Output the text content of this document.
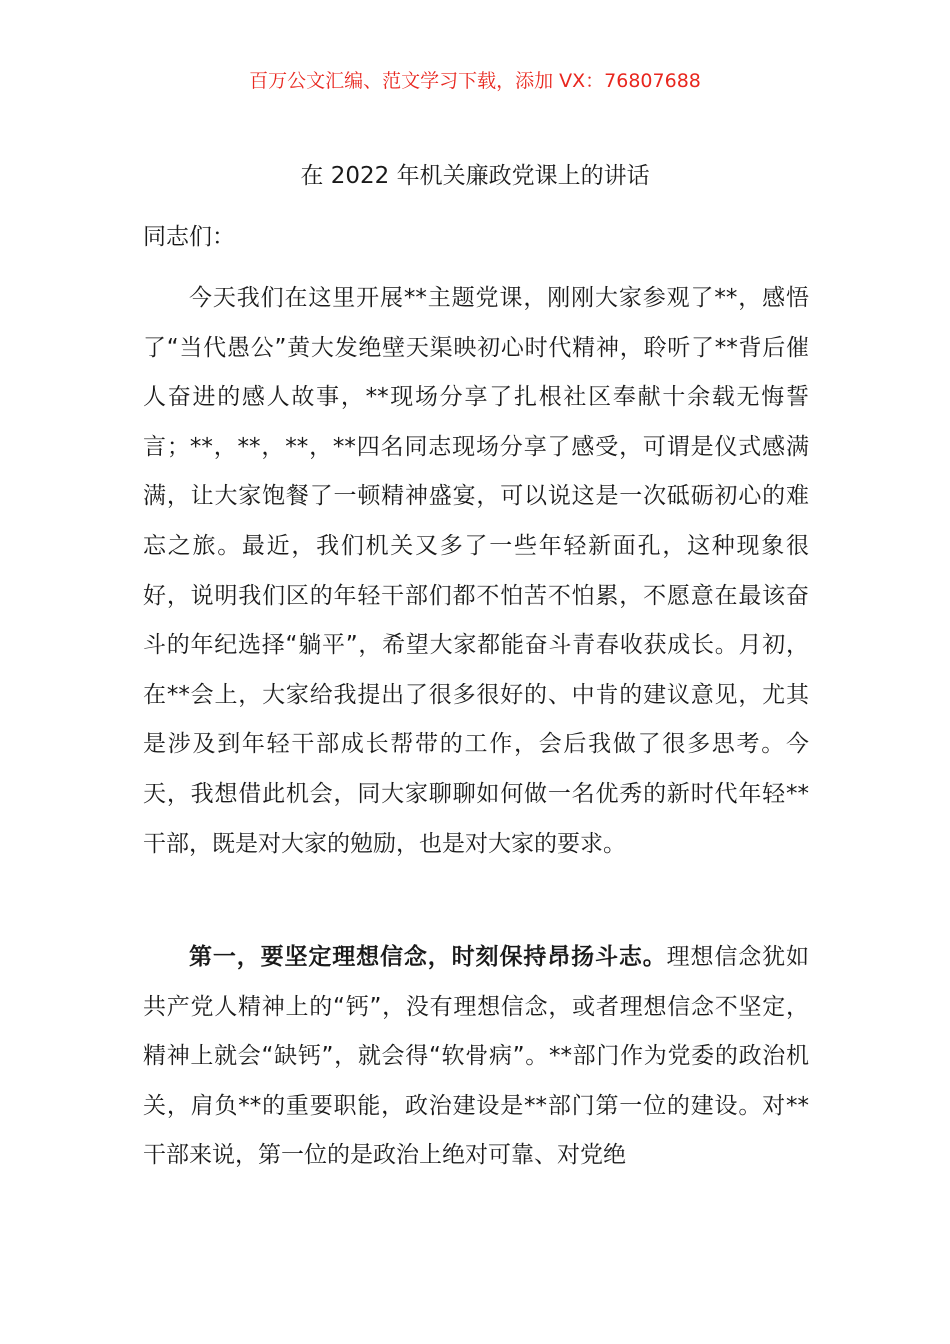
百万公文汇编、范文学习下载，添加 VX：76807688
在 2022 年机关廉政党课上的讲话
同志们：
今天我们在这里开展**主题党课，刚刚大家参观了**，感悟了“当代愚公”黄大发绝壁天渠映初心时代精神，聆听了**背后催人奋进的感人故事，**现场分享了扎根社区奉献十余载无悔誓言；**，**，**，**四名同志现场分享了感受，可谓是仪式感满满，让大家饱餐了一顿精神盛宴，可以说这是一次砥砺初心的难忘之旅。最近，我们机关又多了一些年轻新面孔，这种现象很好，说明我们区的年轻干部们都不怕苦不怕累，不愿意在最该奋斗的年纪选择“躺平”，希望大家都能奋斗青春收获成长。月初，在**会上，大家给我提出了很多很好的、中肯的建议意见，尤其是涉及到年轻干部成长帮带的工作，会后我做了很多思考。今天，我想借此机会，同大家聊聊如何做一名优秀的新时代年轻**干部，既是对大家的勉励，也是对大家的要求。
第一，要坚定理想信念，时刻保持昂扬斗志。理想信念犹如共产党人精神上的“钙”，没有理想信念，或者理想信念不坚定，精神上就会“缺钙”，就会得“软骨病”。**部门作为党委的政治机关，肩负**的重要职能，政治建设是**部门第一位的建设。对**干部来说，第一位的是政治上绝对可靠、对党绝
